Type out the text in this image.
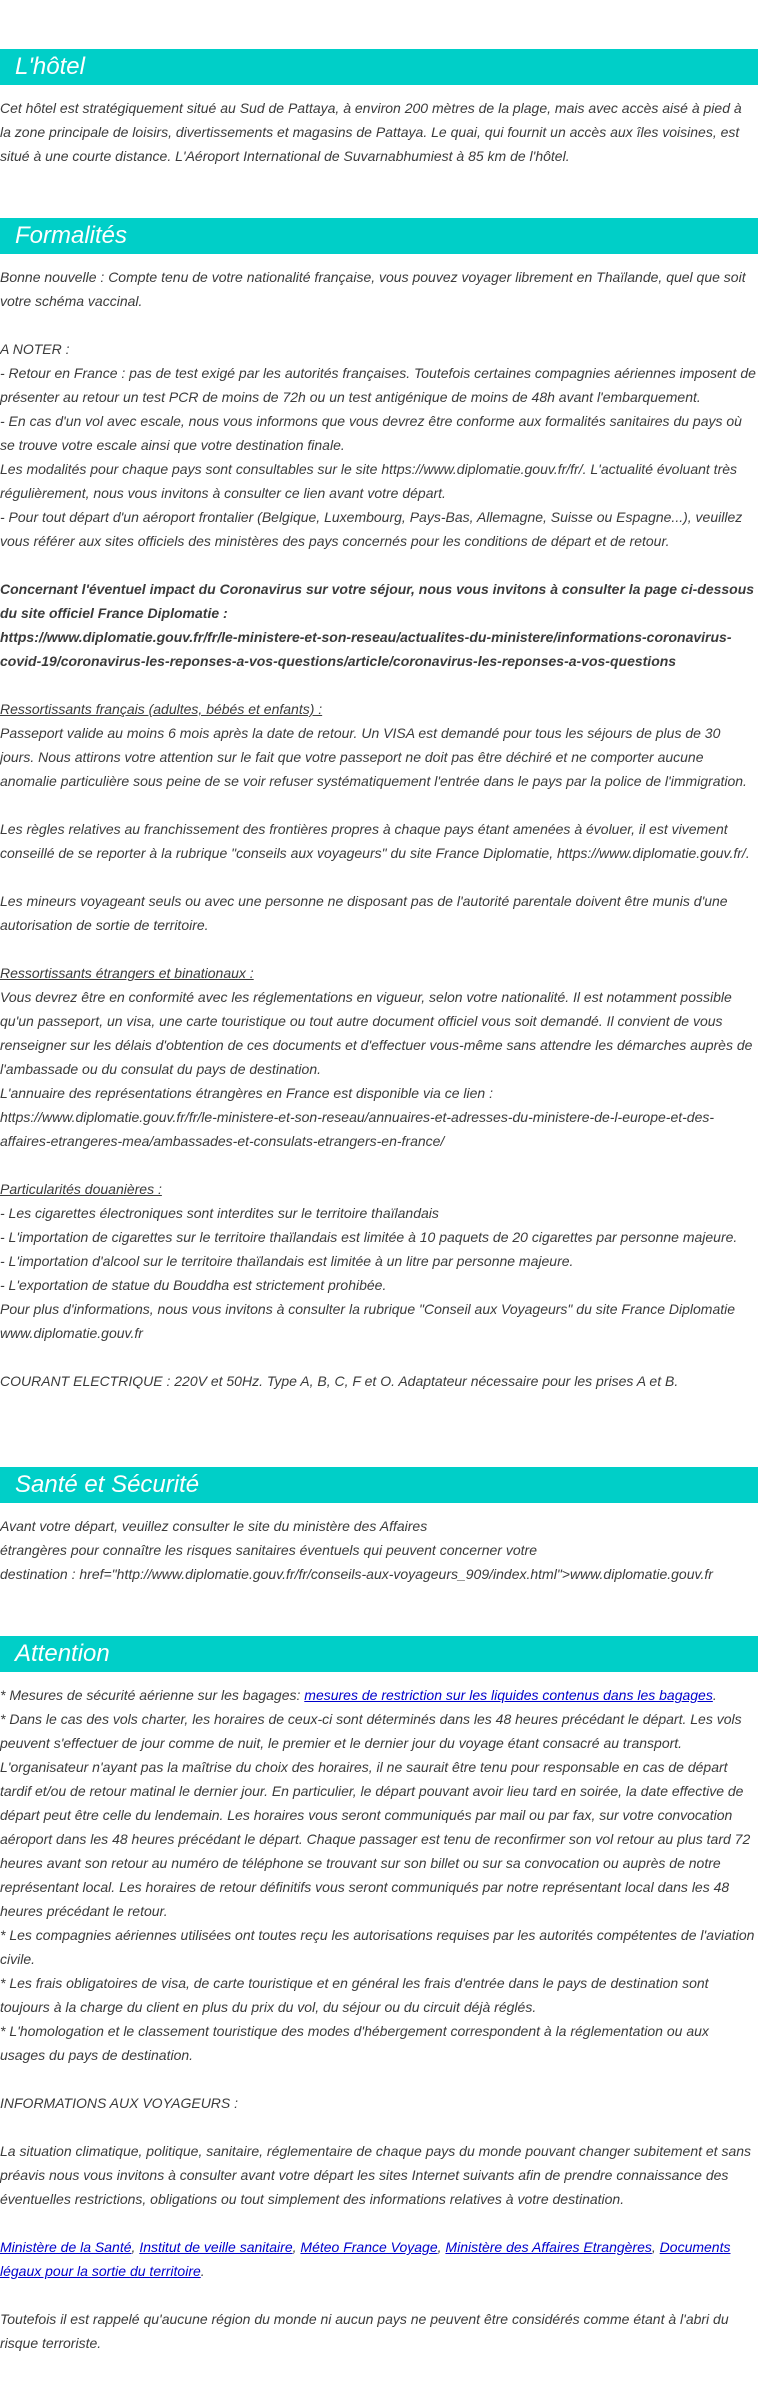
L'hôtel

Cet hôtel est stratégiquement situé au Sud de Pattaya, à environ 200 mètres de la plage, mais avec accès aisé à pied à la zone principale de loisirs, divertissements et magasins de Pattaya. Le quai, qui fournit un accès aux îles voisines, est situé à une courte distance. L'Aéroport International de Suvarnabhumiest à 85 km de l'hôtel.

Formalités

Bonne nouvelle : Compte tenu de votre nationalité française, vous pouvez voyager librement en Thaïlande, quel que soit votre schéma vaccinal.

A NOTER :

- Retour en France : pas de test exigé par les autorités françaises. Toutefois certaines compagnies aériennes imposent de présenter au retour un test PCR de moins de 72h ou un test antigénique de moins de 48h avant l'embarquement.

- En cas d'un vol avec escale, nous vous informons que vous devrez être conforme aux formalités sanitaires du pays où se trouve votre escale ainsi que votre destination finale.

Les modalités pour chaque pays sont consultables sur le site https://www.diplomatie.gouv.fr/fr/. L'actualité évoluant très régulièrement, nous vous invitons à consulter ce lien avant votre départ.

- Pour tout départ d'un aéroport frontalier (Belgique, Luxembourg, Pays-Bas, Allemagne, Suisse ou Espagne...), veuillez vous référer aux sites officiels des ministères des pays concernés pour les conditions de départ et de retour.

Concernant l'éventuel impact du Coronavirus sur votre séjour, nous vous invitons à consulter la page ci-dessous du site officiel France Diplomatie :

https://www.diplomatie.gouv.fr/fr/le-ministere-et-son-reseau/actualites-du-ministere/informations-coronavirus-covid-19/coronavirus-les-reponses-a-vos-questions/article/coronavirus-les-reponses-a-vos-questions

Ressortissants français (adultes, bébés et enfants) :

Passeport valide au moins 6 mois après la date de retour. Un VISA est demandé pour tous les séjours de plus de 30 jours. Nous attirons votre attention sur le fait que votre passeport ne doit pas être déchiré et ne comporter aucune anomalie particulière sous peine de se voir refuser systématiquement l'entrée dans le pays par la police de l'immigration.

Les règles relatives au franchissement des frontières propres à chaque pays étant amenées à évoluer, il est vivement conseillé de se reporter à la rubrique "conseils aux voyageurs" du site France Diplomatie, https://www.diplomatie.gouv.fr/.

Les mineurs voyageant seuls ou avec une personne ne disposant pas de l'autorité parentale doivent être munis d'une autorisation de sortie de territoire.

Ressortissants étrangers et binationaux :

Vous devrez être en conformité avec les réglementations en vigueur, selon votre nationalité. Il est notamment possible qu'un passeport, un visa, une carte touristique ou tout autre document officiel vous soit demandé. Il convient de vous renseigner sur les délais d'obtention de ces documents et d'effectuer vous-même sans attendre les démarches auprès de l'ambassade ou du consulat du pays de destination.

L'annuaire des représentations étrangères en France est disponible via ce lien :

https://www.diplomatie.gouv.fr/fr/le-ministere-et-son-reseau/annuaires-et-adresses-du-ministere-de-l-europe-et-des-affaires-etrangeres-mea/ambassades-et-consulats-etrangers-en-france/

Particularités douanières :

- Les cigarettes électroniques sont interdites sur le territoire thaïlandais

- L'importation de cigarettes sur le territoire thaïlandais est limitée à 10 paquets de 20 cigarettes par personne majeure.

- L'importation d'alcool sur le territoire thaïlandais est limitée à un litre par personne majeure.

- L'exportation de statue du Bouddha est strictement prohibée.

Pour plus d'informations, nous vous invitons à consulter la rubrique "Conseil aux Voyageurs" du site France Diplomatie www.diplomatie.gouv.fr

COURANT ELECTRIQUE : 220V et 50Hz. Type A, B, C, F et O. Adaptateur nécessaire pour les prises A et B.

Santé et Sécurité

Avant votre départ, veuillez consulter le site du ministère des Affaires

étrangères pour connaître les risques sanitaires éventuels qui peuvent concerner votre

destination : href="http://www.diplomatie.gouv.fr/fr/conseils-aux-voyageurs_909/index.html">www.diplomatie.gouv.fr

Attention

* Mesures de sécurité aérienne sur les bagages: mesures de restriction sur les liquides contenus dans les bagages.

* Dans le cas des vols charter, les horaires de ceux-ci sont déterminés dans les 48 heures précédant le départ. Les vols peuvent s'effectuer de jour comme de nuit, le premier et le dernier jour du voyage étant consacré au transport. L'organisateur n'ayant pas la maîtrise du choix des horaires, il ne saurait être tenu pour responsable en cas de départ tardif et/ou de retour matinal le dernier jour. En particulier, le départ pouvant avoir lieu tard en soirée, la date effective de départ peut être celle du lendemain. Les horaires vous seront communiqués par mail ou par fax, sur votre convocation aéroport dans les 48 heures précédant le départ. Chaque passager est tenu de reconfirmer son vol retour au plus tard 72 heures avant son retour au numéro de téléphone se trouvant sur son billet ou sur sa convocation ou auprès de notre représentant local. Les horaires de retour définitifs vous seront communiqués par notre représentant local dans les 48 heures précédant le retour.

* Les compagnies aériennes utilisées ont toutes reçu les autorisations requises par les autorités compétentes de l'aviation civile.

* Les frais obligatoires de visa, de carte touristique et en général les frais d'entrée dans le pays de destination sont toujours à la charge du client en plus du prix du vol, du séjour ou du circuit déjà réglés.

* L'homologation et le classement touristique des modes d'hébergement correspondent à la réglementation ou aux usages du pays de destination.

INFORMATIONS AUX VOYAGEURS :

La situation climatique, politique, sanitaire, réglementaire de chaque pays du monde pouvant changer subitement et sans préavis nous vous invitons à consulter avant votre départ les sites Internet suivants afin de prendre connaissance des éventuelles restrictions, obligations ou tout simplement des informations relatives à votre destination.

Ministère de la Santé, Institut de veille sanitaire, Méteo France Voyage, Ministère des Affaires Etrangères, Documents légaux pour la sortie du territoire.

Toutefois il est rappelé qu'aucune région du monde ni aucun pays ne peuvent être considérés comme étant à l'abri du risque terroriste.
